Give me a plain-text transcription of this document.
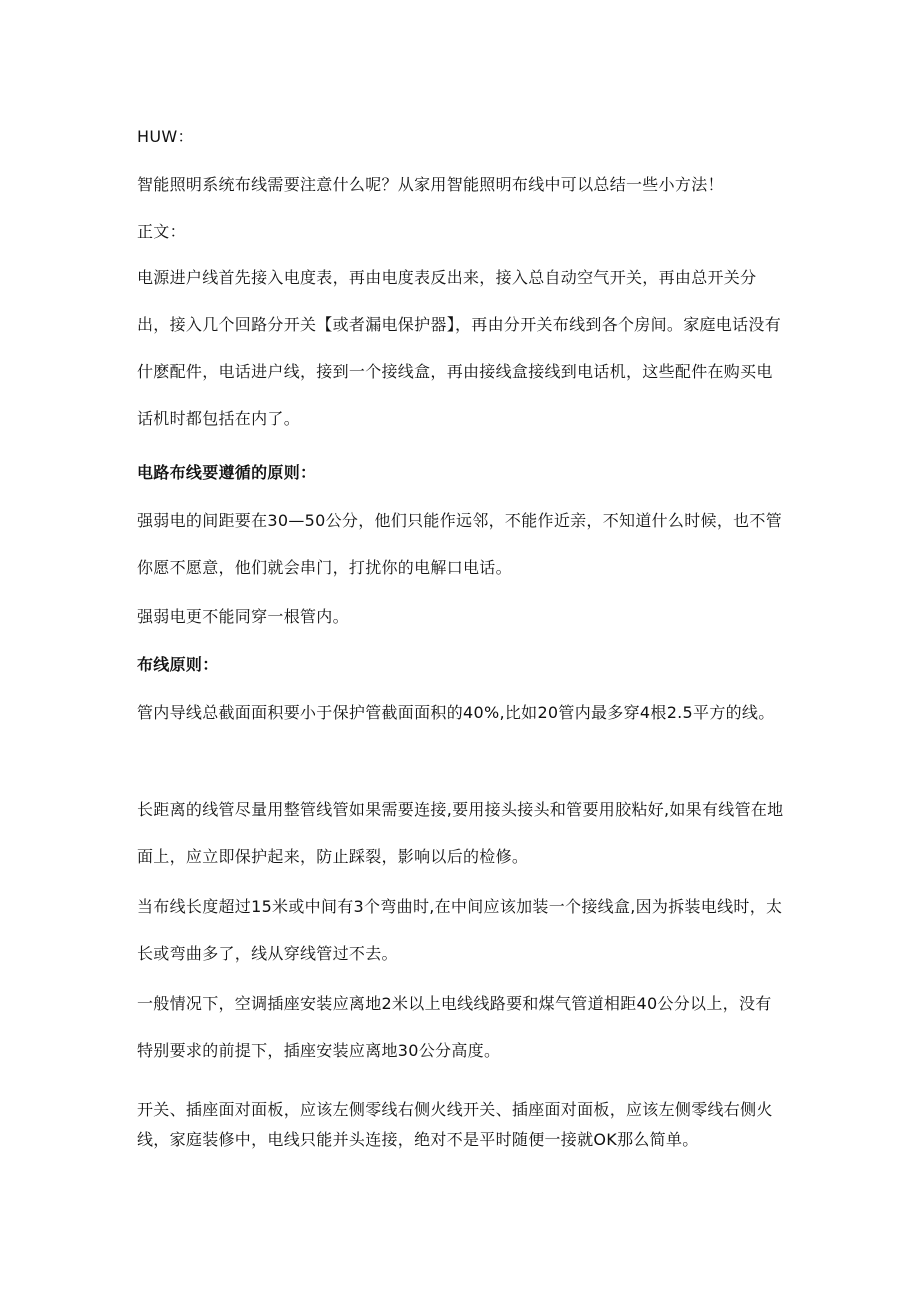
HUW：

智能照明系统布线需要注意什么呢？从家用智能照明布线中可以总结一些小方法！

正文：

电源进户线首先接入电度表，再由电度表反出来，接入总自动空气开关，再由总开关分出，接入几个回路分开关【或者漏电保护器】，再由分开关布线到各个房间。家庭电话没有什麽配件，电话进户线，接到一个接线盒，再由接线盒接线到电话机，这些配件在购买电话机时都包括在内了。

电路布线要遵循的原则：

强弱电的间距要在30—50公分，他们只能作远邻，不能作近亲，不知道什么时候，也不管你愿不愿意，他们就会串门，打扰你的电解口电话。

强弱电更不能同穿一根管内。

布线原则：

管内导线总截面面积要小于保护管截面面积的40%,比如20管内最多穿4根2.5平方的线。

长距离的线管尽量用整管线管如果需要连接,要用接头接头和管要用胶粘好,如果有线管在地面上，应立即保护起来，防止踩裂，影响以后的检修。

当布线长度超过15米或中间有3个弯曲时,在中间应该加装一个接线盒,因为拆装电线时，太长或弯曲多了，线从穿线管过不去。

一般情况下，空调插座安装应离地2米以上电线线路要和煤气管道相距40公分以上，没有特别要求的前提下，插座安装应离地30公分高度。

开关、插座面对面板，应该左侧零线右侧火线开关、插座面对面板，应该左侧零线右侧火线，家庭装修中，电线只能并头连接，绝对不是平时随便一接就OK那么简单。
